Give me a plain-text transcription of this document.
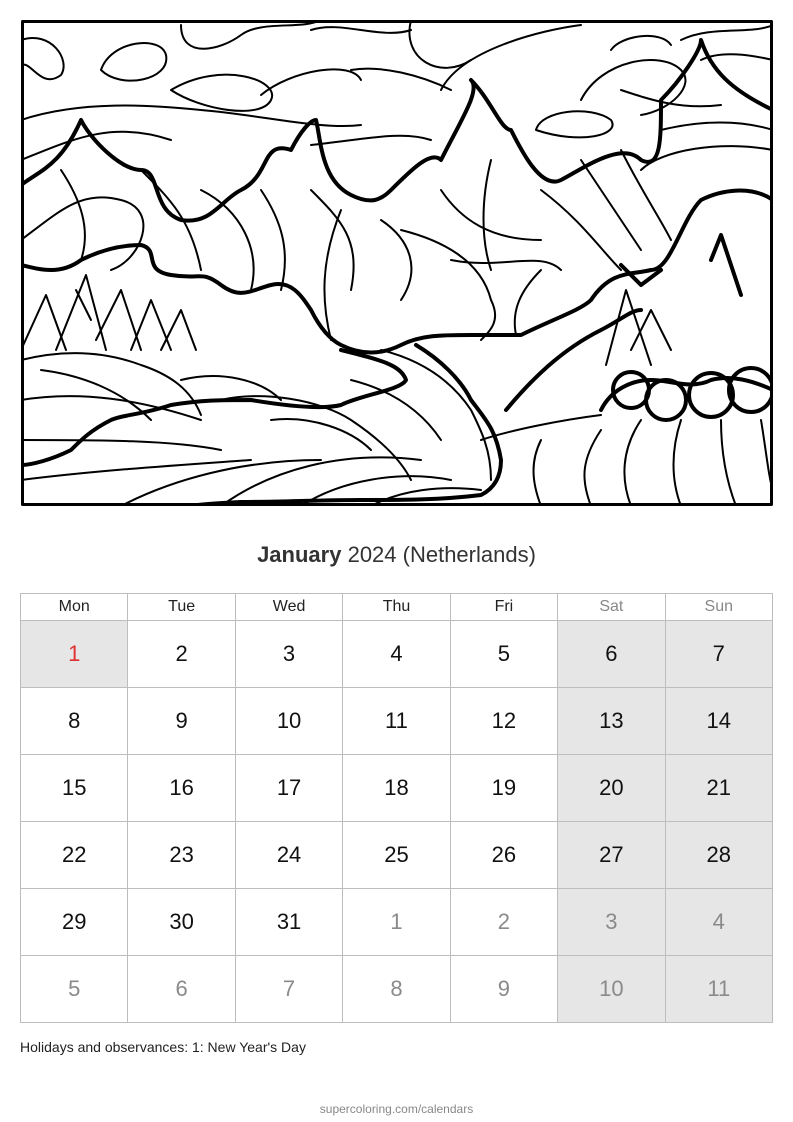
January 2024 (Netherlands)
Mon	Tue	Wed	Thu	Fri	Sat	Sun
1	2	3	4	5	6	7
8	9	10	11	12	13	14
15	16	17	18	19	20	21
22	23	24	25	26	27	28
29	30	31	1	2	3	4
5	6	7	8	9	10	11
Holidays and observances: 1: New Year's Day
supercoloring.com/calendars
